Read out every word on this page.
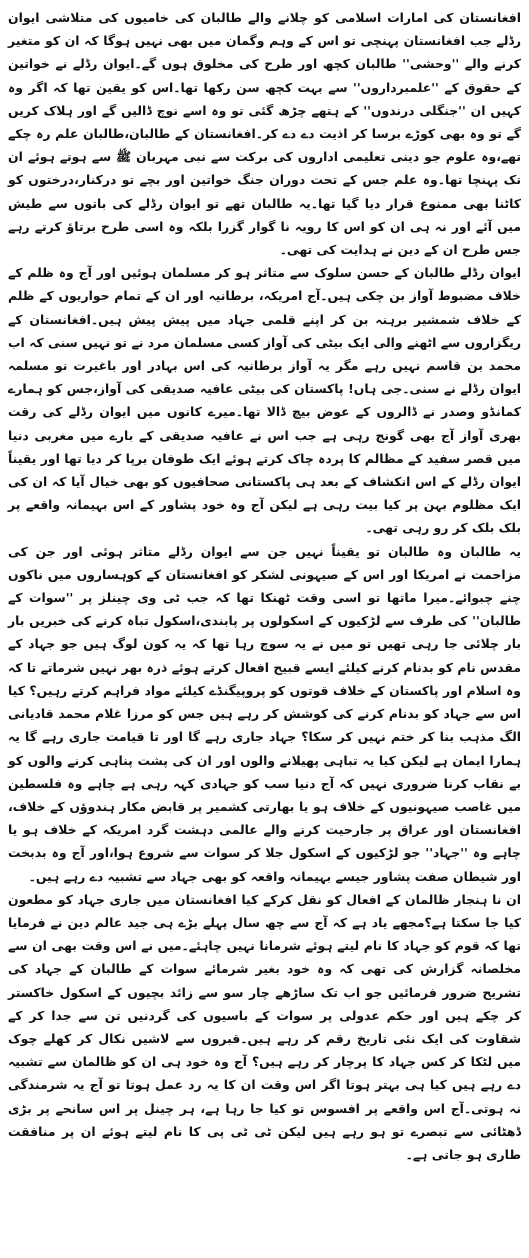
افغانستان کی امارات اسلامی کو چلانے والے طالبان کی خامیوں کی متلاشی ایوان رڈلے جب افغانستان پہنچی تو اس کے وہم وگمان میں بھی نہیں ہوگا کہ ان کو متغیر کرنے والے ''وحشی'' طالبان کچھ اور طرح کی مخلوق ہوں گے۔ایوان رڈلے نے خواتین کے حقوق کے ''علمبرداروں'' سے بہت کچھ سن رکھا تھا۔اس کو یقین تھا کہ اگر وہ کہیں ان ''جنگلی درندوں'' کے ہتھے چڑھ گئی تو وہ اسے نوچ ڈالیں گے اور ہلاک کریں گے تو وہ بھی کوڑے برسا کر اذیت دے دے کر۔افغانستان کے طالبان،طالبان علم رہ چکے تھے،وہ علوم جو دینی تعلیمی اداروں کی برکت سے نبی مہربان ﷺ سے ہوتے ہوئے ان تک پہنچا تھا۔وہ علم جس کے تحت دوران جنگ خواتین اور بچے تو درکنار،درختوں کو کاٹنا بھی ممنوع قرار دیا گیا تھا۔یہ طالبان تھے تو ایوان رڈلے کی باتوں سے طیش میں آئے اور نہ ہی ان کو اس کا رویہ نا گوار گزرا بلکہ وہ اسی طرح برتاؤ کرتے رہے جس طرح ان کے دین نے ہدایت کی تھی۔

ایوان رڈلے طالبان کے حسن سلوک سے متاثر ہو کر مسلمان ہوئیں اور آج وہ ظلم کے خلاف مضبوط آواز بن چکی ہیں۔آج امریکہ، برطانیہ اور ان کے تمام حواریوں کے ظلم کے خلاف شمشیر برہنہ بن کر اپنے قلمی جہاد میں پیش پیش ہیں۔افغانستان کے ریگزاروں سے اٹھنے والی ایک بیٹی کی آواز کسی مسلمان مرد نے تو نہیں سنی کہ اب محمد بن قاسم نہیں رہے مگر یہ آواز برطانیہ کی اس بہادر اور باغیرت نو مسلمہ ایوان رڈلے نے سنی۔جی ہاں! پاکستان کی بیٹی عافیہ صدیقی کی آواز،جس کو ہمارے کمانڈو وصدر نے ڈالروں کے عوض بیچ ڈالا تھا۔میرے کانوں میں ایوان رڈلے کی رقت بھری آواز آج بھی گونج رہی ہے جب اس نے عافیہ صدیقی کے بارے میں مغربی دنیا میں قصر سفید کے مظالم کا پردہ چاک کرتے ہوئے ایک طوفان برپا کر دیا تھا اور یقیناً ایوان رڈلے کے اس انکشاف کے بعد ہی پاکستانی صحافیوں کو بھی خیال آیا کہ ان کی ایک مظلوم بہن پر کیا بیت رہی ہے لیکن آج وہ خود پشاور کے اس بہیمانہ واقعے پر بلک بلک کر رو رہی تھی۔

یہ طالبان وہ طالبان تو یقیناً نہیں جن سے ایوان رڈلے متاثر ہوئی اور جن کی مزاحمت نے امریکا اور اس کے صیہونی لشکر کو افغانستان کے کوہساروں میں ناکوں چنے چبوائے۔میرا ماتھا تو اسی وقت ٹھنکا تھا کہ جب ٹی وی چینلز پر ''سوات کے طالبان'' کی طرف سے لڑکیوں کے اسکولوں پر پابندی،اسکول تباہ کرنے کی خبریں بار بار چلائی جا رہی تھیں تو میں نے یہ سوچ رہا تھا کہ یہ کون لوگ ہیں جو جہاد کے مقدس نام کو بدنام کرنے کیلئے ایسے قبیح افعال کرتے ہوئے ذرہ بھر نہیں شرماتے تا کہ وہ اسلام اور پاکستان کے خلاف قوتوں کو پروپیگنڈے کیلئے مواد فراہم کرتے رہیں؟ کیا اس سے جہاد کو بدنام کرنے کی کوشش کر رہے ہیں جس کو مرزا غلام محمد قادیانی الگ مذہب بنا کر ختم نہیں کر سکا؟ جہاد جاری رہے گا اور تا قیامت جاری رہے گا یہ ہمارا ایمان ہے لیکن کیا یہ تباہی پھیلانے والوں اور ان کی پشت پناہی کرنے والوں کو بے نقاب کرنا ضروری نہیں کہ آج دنیا سب کو جہادی کہہ رہی ہے چاہے وہ فلسطین میں غاصب صیہونیوں کے خلاف ہو یا بھارتی کشمیر پر قابض مکار ہندوؤں کے خلاف، افغانستان اور عراق پر جارحیت کرنے والے عالمی دہشت گرد امریکہ کے خلاف ہو یا چاہے وہ ''جہاد'' جو لڑکیوں کے اسکول جلا کر سوات سے شروع ہوا،اور آج وہ بدبخت اور شیطان صفت پشاور جیسے بہیمانہ واقعہ کو بھی جہاد سے تشبیہ دے رہے ہیں۔

ان نا ہنجار ظالمان کے افعال کو نقل کرکے کیا افغانستان میں جاری جہاد کو مطعون کیا جا سکتا ہے؟مجھے یاد ہے کہ آج سے چھ سال پہلے بڑے ہی جید عالم دین نے فرمایا تھا کہ قوم کو جہاد کا نام لیتے ہوئے شرمانا نہیں چاہئے۔میں نے اس وقت بھی ان سے مخلصانہ گزارش کی تھی کہ وہ خود بغیر شرمائے سوات کے طالبان کے جہاد کی تشریح ضرور فرمائیں جو اب تک ساڑھے چار سو سے زائد بچیوں کے اسکول خاکستر کر چکے ہیں اور حکم عدولی پر سوات کے باسیوں کی گردنیں تن سے جدا کر کے شقاوت کی ایک نئی تاریخ رقم کر رہے ہیں۔قبروں سے لاشیں نکال کر کھلے چوک میں لٹکا کر کس جہاد کا پرچار کر رہے ہیں؟ آج وہ خود ہی ان کو ظالمان سے تشبیہ دے رہے ہیں کیا ہی بہتر ہوتا اگر اس وقت ان کا یہ رد عمل ہوتا تو آج یہ شرمندگی نہ ہوتی۔آج اس واقعے پر افسوس تو کیا جا رہا ہے، ہر چینل پر اس سانحے پر بڑی ڈھٹائی سے تبصرے تو ہو رہے ہیں لیکن ٹی ٹی پی کا نام لیتے ہوئے ان پر منافقت طاری ہو جاتی ہے۔
